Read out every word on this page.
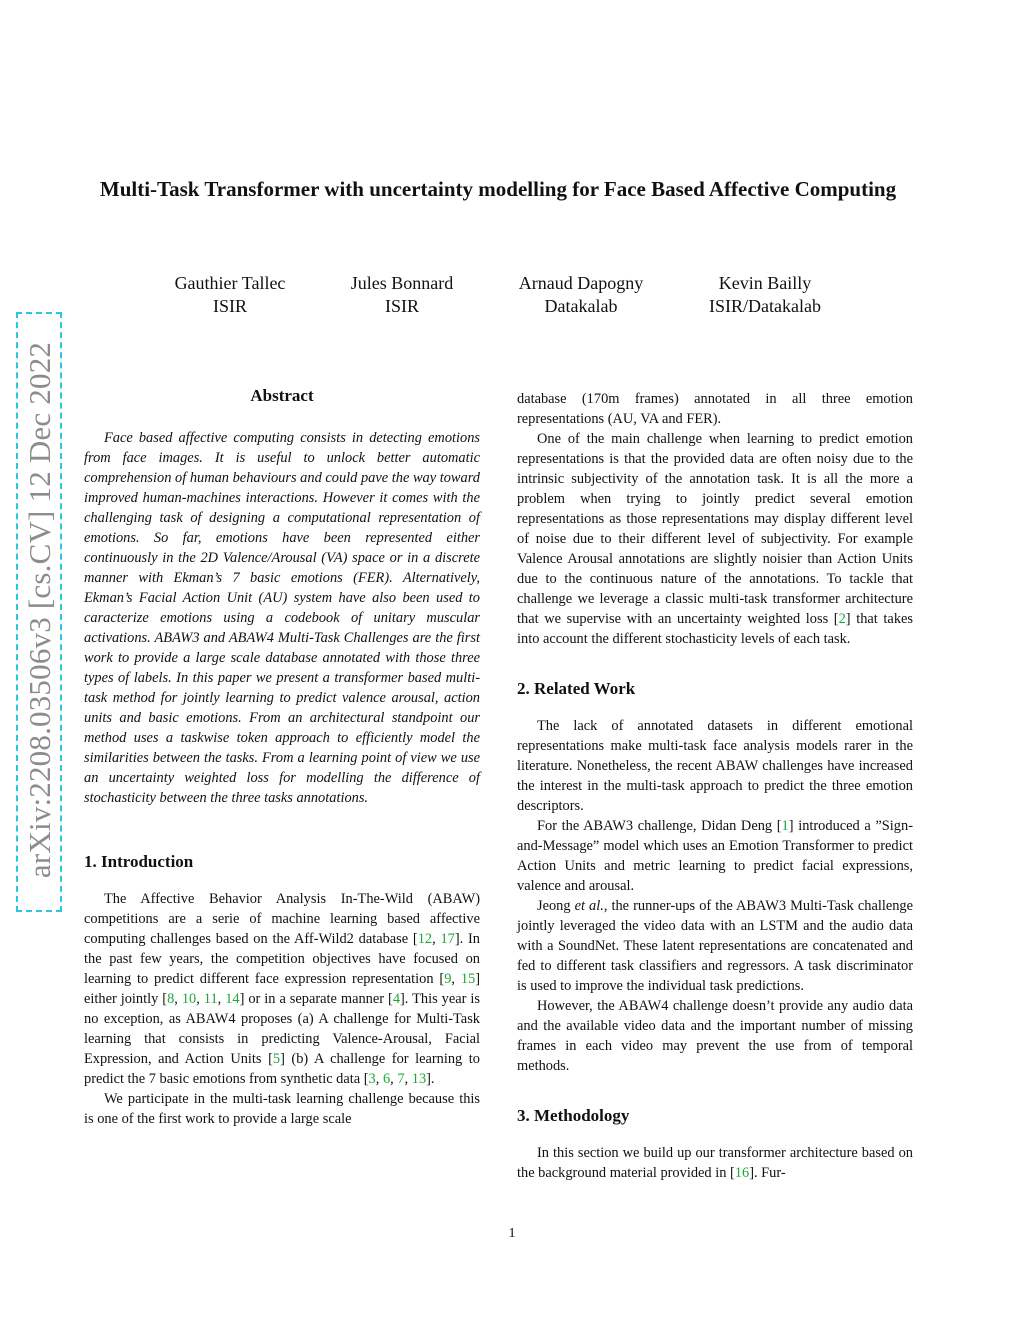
arXiv:2208.03506v3 [cs.CV] 12 Dec 2022
Multi-Task Transformer with uncertainty modelling for Face Based Affective Computing
Gauthier Tallec
ISIR
Jules Bonnard
ISIR
Arnaud Dapogny
Datakalab
Kevin Bailly
ISIR/Datakalab
Abstract

Face based affective computing consists in detecting emotions from face images. It is useful to unlock better automatic comprehension of human behaviours and could pave the way toward improved human-machines interactions. However it comes with the challenging task of designing a computational representation of emotions. So far, emotions have been represented either continuously in the 2D Valence/Arousal (VA) space or in a discrete manner with Ekman’s 7 basic emotions (FER). Alternatively, Ekman’s Facial Action Unit (AU) system have also been used to caracterize emotions using a codebook of unitary muscular activations. ABAW3 and ABAW4 Multi-Task Challenges are the first work to provide a large scale database annotated with those three types of labels. In this paper we present a transformer based multi-task method for jointly learning to predict valence arousal, action units and basic emotions. From an architectural standpoint our method uses a taskwise token approach to efficiently model the similarities between the tasks. From a learning point of view we use an uncertainty weighted loss for modelling the difference of stochasticity between the three tasks annotations.

1. Introduction

The Affective Behavior Analysis In-The-Wild (ABAW) competitions are a serie of machine learning based affective computing challenges based on the Aff-Wild2 database [12, 17]. In the past few years, the competition objectives have focused on learning to predict different face expression representation [9, 15] either jointly [8, 10, 11, 14] or in a separate manner [4]. This year is no exception, as ABAW4 proposes (a) A challenge for Multi-Task learning that consists in predicting Valence-Arousal, Facial Expression, and Action Units [5] (b) A challenge for learning to predict the 7 basic emotions from synthetic data [3, 6, 7, 13].

We participate in the multi-task learning challenge because this is one of the first work to provide a large scale

database (170m frames) annotated in all three emotion representations (AU, VA and FER).

One of the main challenge when learning to predict emotion representations is that the provided data are often noisy due to the intrinsic subjectivity of the annotation task. It is all the more a problem when trying to jointly predict several emotion representations as those representations may display different level of noise due to their different level of subjectivity. For example Valence Arousal annotations are slightly noisier than Action Units due to the continuous nature of the annotations. To tackle that challenge we leverage a classic multi-task transformer architecture that we supervise with an uncertainty weighted loss [2] that takes into account the different stochasticity levels of each task.

2. Related Work

The lack of annotated datasets in different emotional representations make multi-task face analysis models rarer in the literature. Nonetheless, the recent ABAW challenges have increased the interest in the multi-task approach to predict the three emotion descriptors.

For the ABAW3 challenge, Didan Deng [1] introduced a ”Sign-and-Message” model which uses an Emotion Transformer to predict Action Units and metric learning to predict facial expressions, valence and arousal.

Jeong et al., the runner-ups of the ABAW3 Multi-Task challenge jointly leveraged the video data with an LSTM and the audio data with a SoundNet. These latent representations are concatenated and fed to different task classifiers and regressors. A task discriminator is used to improve the individual task predictions.

However, the ABAW4 challenge doesn’t provide any audio data and the available video data and the important number of missing frames in each video may prevent the use from of temporal methods.

3. Methodology

In this section we build up our transformer architecture based on the background material provided in [16]. Fur-

1
